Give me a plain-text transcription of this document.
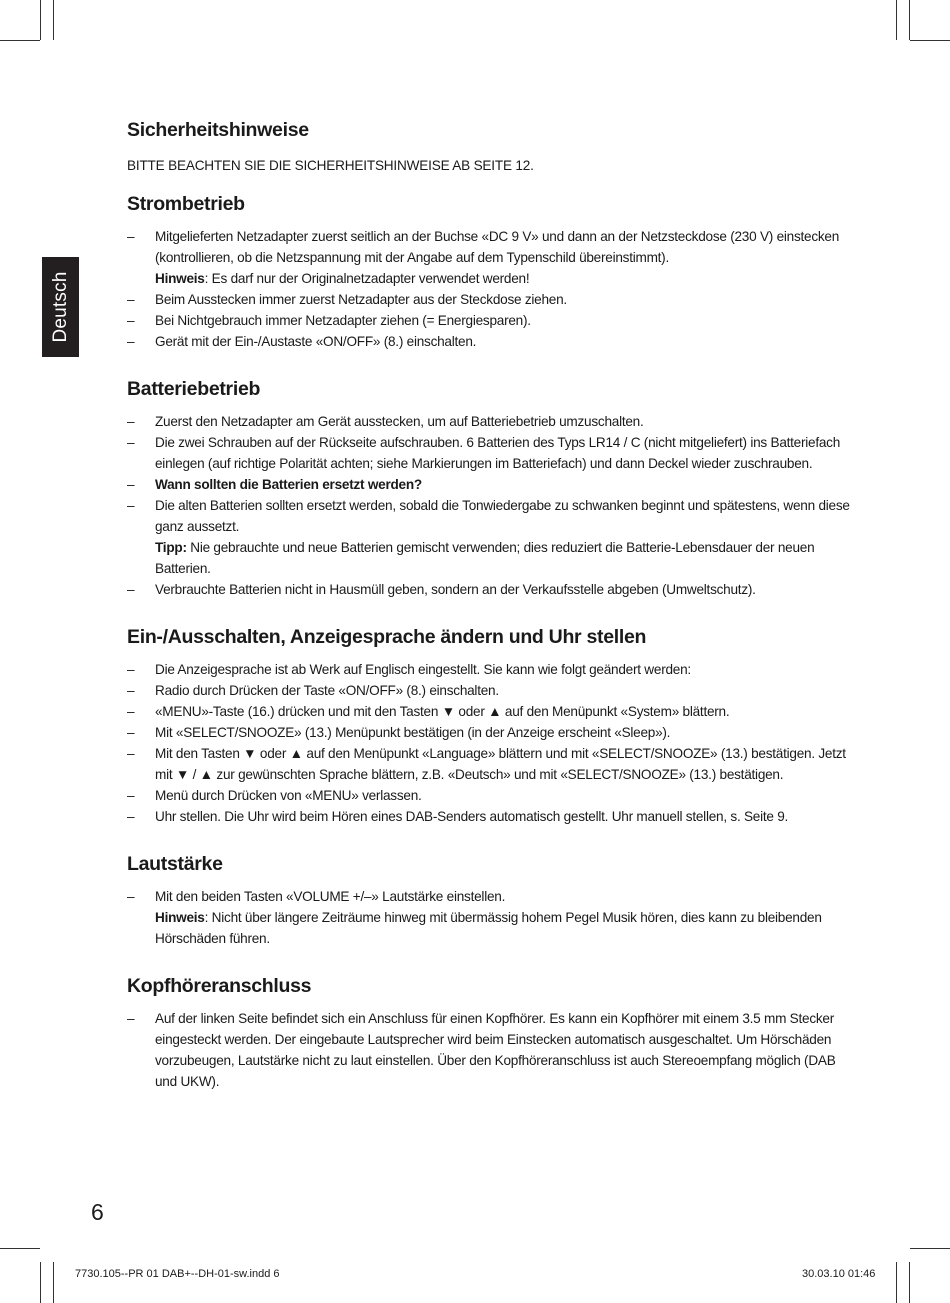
Deutsch
Sicherheitshinweise

BITTE BEACHTEN SIE DIE SICHERHEITSHINWEISE AB SEITE 12.

Strombetrieb
– Mitgelieferten Netzadapter zuerst seitlich an der Buchse «DC 9 V» und dann an der Netzsteckdose (230 V) einstecken (kontrollieren, ob die Netzspannung mit der Angabe auf dem Typenschild übereinstimmt).
Hinweis: Es darf nur der Originalnetzadapter verwendet werden!
– Beim Ausstecken immer zuerst Netzadapter aus der Steckdose ziehen.
– Bei Nichtgebrauch immer Netzadapter ziehen (= Energiesparen).
– Gerät mit der Ein-/Austaste «ON/OFF» (8.) einschalten.
Batteriebetrieb
– Zuerst den Netzadapter am Gerät ausstecken, um auf Batteriebetrieb umzuschalten.
– Die zwei Schrauben auf der Rückseite aufschrauben. 6 Batterien des Typs LR14 / C (nicht mitgeliefert) ins Batteriefach einlegen (auf richtige Polarität achten; siehe Markierungen im Batteriefach) und dann Deckel wieder zuschrauben.
– Wann sollten die Batterien ersetzt werden?
– Die alten Batterien sollten ersetzt werden, sobald die Tonwiedergabe zu schwanken beginnt und spätestens, wenn diese ganz aussetzt.
Tipp: Nie gebrauchte und neue Batterien gemischt verwenden; dies reduziert die Batterie-Lebensdauer der neuen Batterien.
– Verbrauchte Batterien nicht in Hausmüll geben, sondern an der Verkaufsstelle abgeben (Umweltschutz).
Ein-/Ausschalten, Anzeigesprache ändern und Uhr stellen
– Die Anzeigesprache ist ab Werk auf Englisch eingestellt. Sie kann wie folgt geändert werden:
– Radio durch Drücken der Taste «ON/OFF» (8.) einschalten.
– «MENU»-Taste (16.) drücken und mit den Tasten ▼ oder ▲ auf den Menüpunkt «System» blättern.
– Mit «SELECT/SNOOZE» (13.) Menüpunkt bestätigen (in der Anzeige erscheint «Sleep»).
– Mit den Tasten ▼ oder ▲ auf den Menüpunkt «Language» blättern und mit «SELECT/SNOOZE» (13.) bestätigen. Jetzt mit ▼ / ▲ zur gewünschten Sprache blättern, z.B. «Deutsch» und mit «SELECT/SNOOZE» (13.) bestätigen.
– Menü durch Drücken von «MENU» verlassen.
– Uhr stellen. Die Uhr wird beim Hören eines DAB-Senders automatisch gestellt. Uhr manuell stellen, s. Seite 9.
Lautstärke
– Mit den beiden Tasten «VOLUME +/–» Lautstärke einstellen.
Hinweis: Nicht über längere Zeiträume hinweg mit übermässig hohem Pegel Musik hören, dies kann zu bleibenden Hörschäden führen.
Kopfhöreranschluss
– Auf der linken Seite befindet sich ein Anschluss für einen Kopfhörer. Es kann ein Kopfhörer mit einem 3.5 mm Stecker eingesteckt werden. Der eingebaute Lautsprecher wird beim Einstecken automatisch ausgeschaltet. Um Hörschäden vorzubeugen, Lautstärke nicht zu laut einstellen. Über den Kopfhöreranschluss ist auch Stereoempfang möglich (DAB und UKW).
6
7730.105--PR 01 DAB+--DH-01-sw.indd 6	30.03.10 01:46
